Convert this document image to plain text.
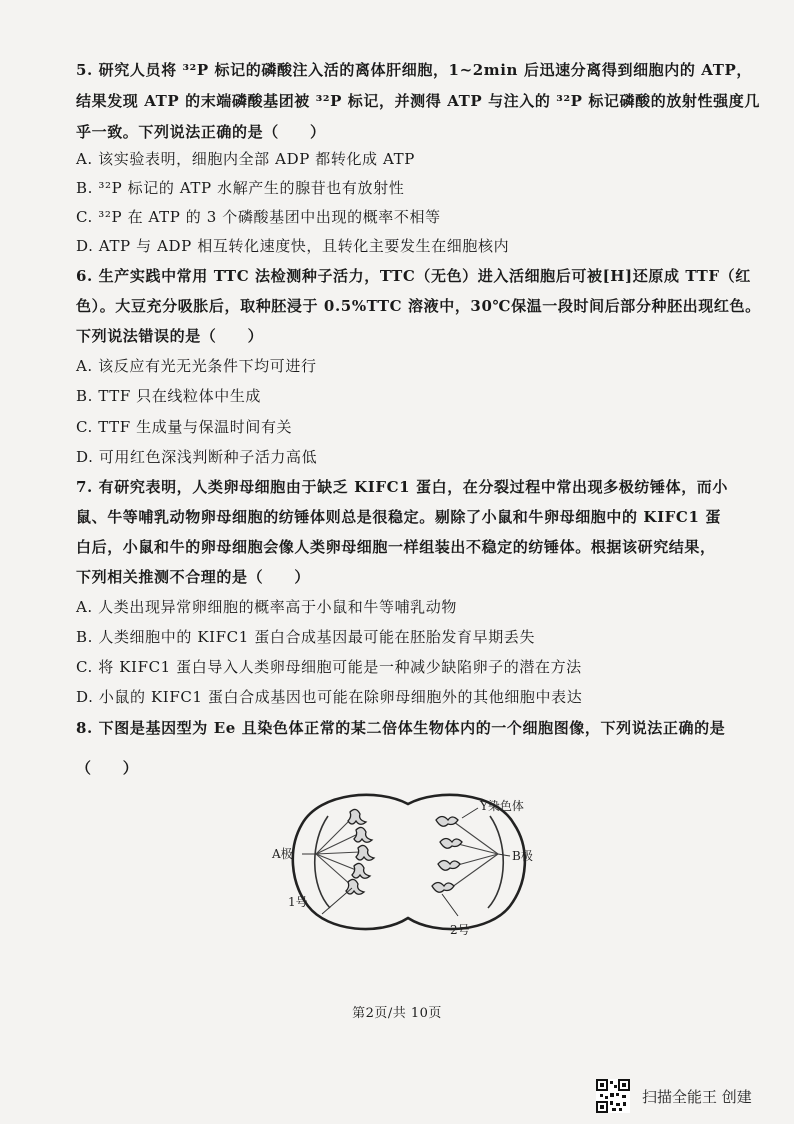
5. 研究人员将 ³²P 标记的磷酸注入活的离体肝细胞，1~2min 后迅速分离得到细胞内的 ATP，
结果发现 ATP 的末端磷酸基团被 ³²P 标记，并测得 ATP 与注入的 ³²P 标记磷酸的放射性强度几
乎一致。下列说法正确的是（　　）
A. 该实验表明，细胞内全部 ADP 都转化成 ATP
B. ³²P 标记的 ATP 水解产生的腺苷也有放射性
C. ³²P 在 ATP 的 3 个磷酸基团中出现的概率不相等
D. ATP 与 ADP 相互转化速度快，且转化主要发生在细胞核内
6. 生产实践中常用 TTC 法检测种子活力，TTC（无色）进入活细胞后可被[H]还原成 TTF（红
色）。大豆充分吸胀后，取种胚浸于 0.5%TTC 溶液中，30℃保温一段时间后部分种胚出现红色。
下列说法错误的是（　　）
A. 该反应有光无光条件下均可进行
B. TTF 只在线粒体中生成
C. TTF 生成量与保温时间有关
D. 可用红色深浅判断种子活力高低
7. 有研究表明，人类卵母细胞由于缺乏 KIFC1 蛋白，在分裂过程中常出现多极纺锤体，而小
鼠、牛等哺乳动物卵母细胞的纺锤体则总是很稳定。剔除了小鼠和牛卵母细胞中的 KIFC1 蛋
白后，小鼠和牛的卵母细胞会像人类卵母细胞一样组装出不稳定的纺锤体。根据该研究结果，
下列相关推测不合理的是（　　）
A. 人类出现异常卵细胞的概率高于小鼠和牛等哺乳动物
B. 人类细胞中的 KIFC1 蛋白合成基因最可能在胚胎发育早期丢失
C. 将 KIFC1 蛋白导入人类卵母细胞可能是一种减少缺陷卵子的潜在方法
D. 小鼠的 KIFC1 蛋白合成基因也可能在除卵母细胞外的其他细胞中表达
8. 下图是基因型为 Ee 且染色体正常的某二倍体生物体内的一个细胞图像，下列说法正确的是
（　　）
Y染色体
A极	B极
1号
2号
第2页/共 10页
扫描全能王 创建
